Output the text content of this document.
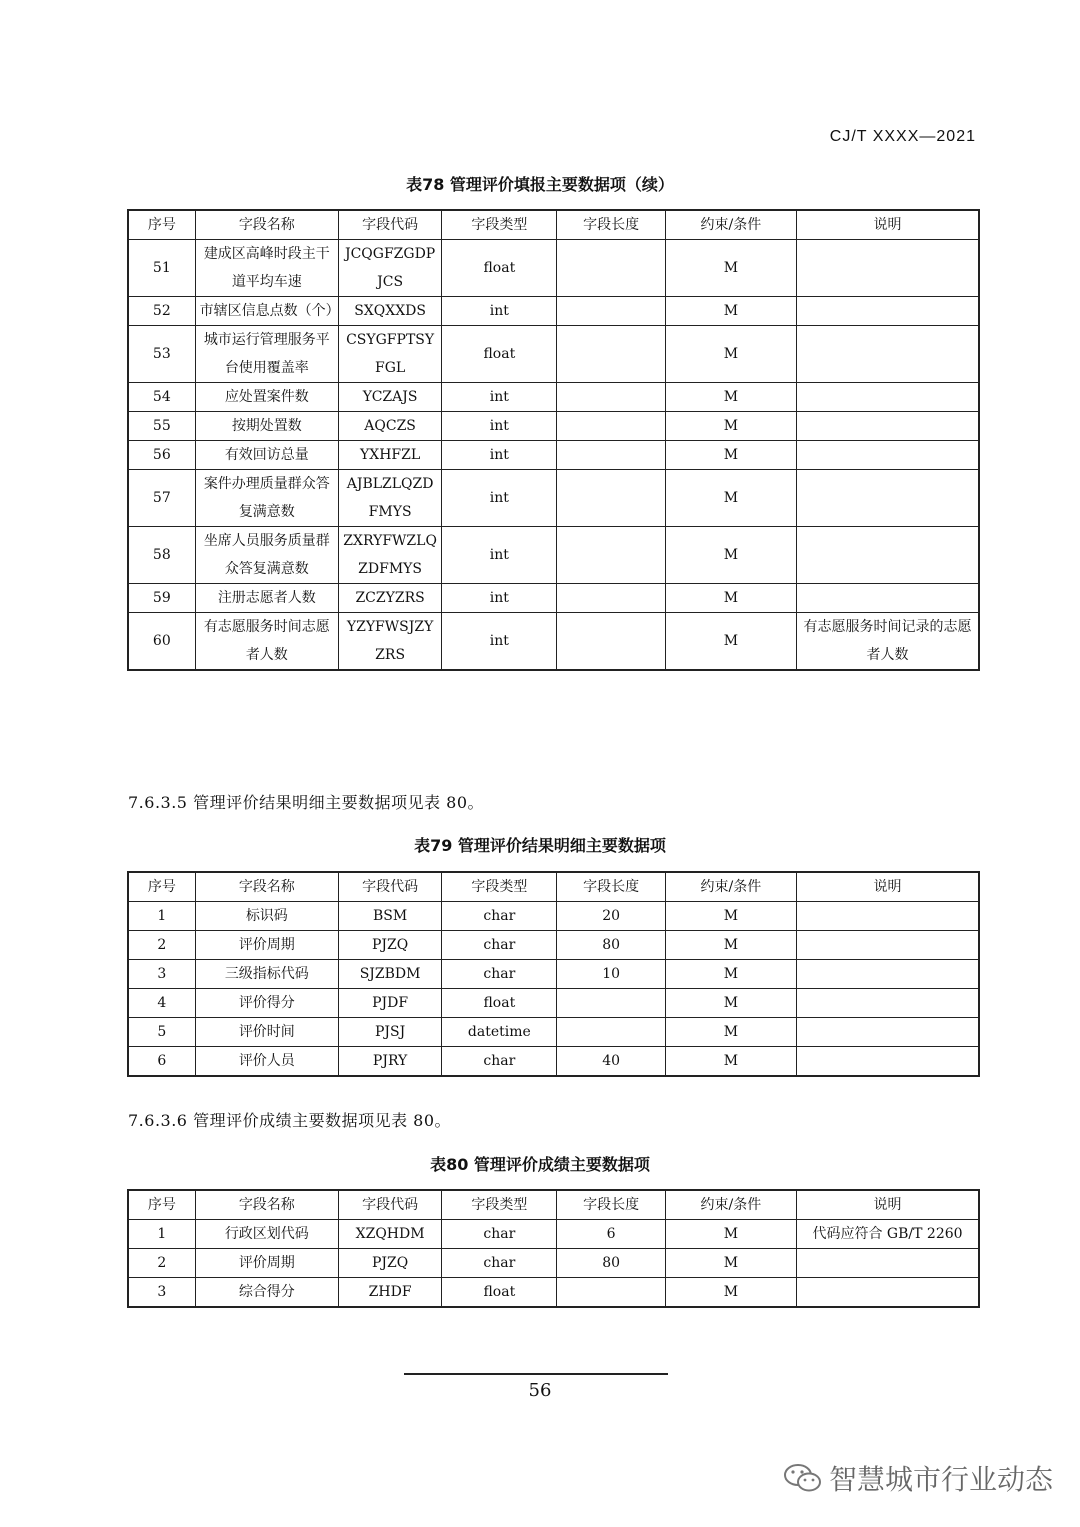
CJ/T XXXX—2021
表78 管理评价填报主要数据项（续）
序号	字段名称	字段代码	字段类型	字段长度	约束/条件	说明
51	建成区高峰时段主干道平均车速	JCQGFZGDPJCS	float		M	
52	市辖区信息点数（个）	SXQXXDS	int		M	
53	城市运行管理服务平台使用覆盖率	CSYGFPTSYFGL	float		M	
54	应处置案件数	YCZAJS	int		M	
55	按期处置数	AQCZS	int		M	
56	有效回访总量	YXHFZL	int		M	
57	案件办理质量群众答复满意数	AJBLZLQZDFMYS	int		M	
58	坐席人员服务质量群众答复满意数	ZXRYFWZLQZDFMYS	int		M	
59	注册志愿者人数	ZCZYZRS	int		M	
60	有志愿服务时间志愿者人数	YZYFWSJZYZRS	int		M	有志愿服务时间记录的志愿者人数
7.6.3.5 管理评价结果明细主要数据项见表 80。
表79 管理评价结果明细主要数据项
序号	字段名称	字段代码	字段类型	字段长度	约束/条件	说明
1	标识码	BSM	char	20	M	
2	评价周期	PJZQ	char	80	M	
3	三级指标代码	SJZBDM	char	10	M	
4	评价得分	PJDF	float		M	
5	评价时间	PJSJ	datetime		M	
6	评价人员	PJRY	char	40	M	
7.6.3.6 管理评价成绩主要数据项见表 80。
表80 管理评价成绩主要数据项
序号	字段名称	字段代码	字段类型	字段长度	约束/条件	说明
1	行政区划代码	XZQHDM	char	6	M	代码应符合 GB/T 2260
2	评价周期	PJZQ	char	80	M	
3	综合得分	ZHDF	float		M	
56
智慧城市行业动态
